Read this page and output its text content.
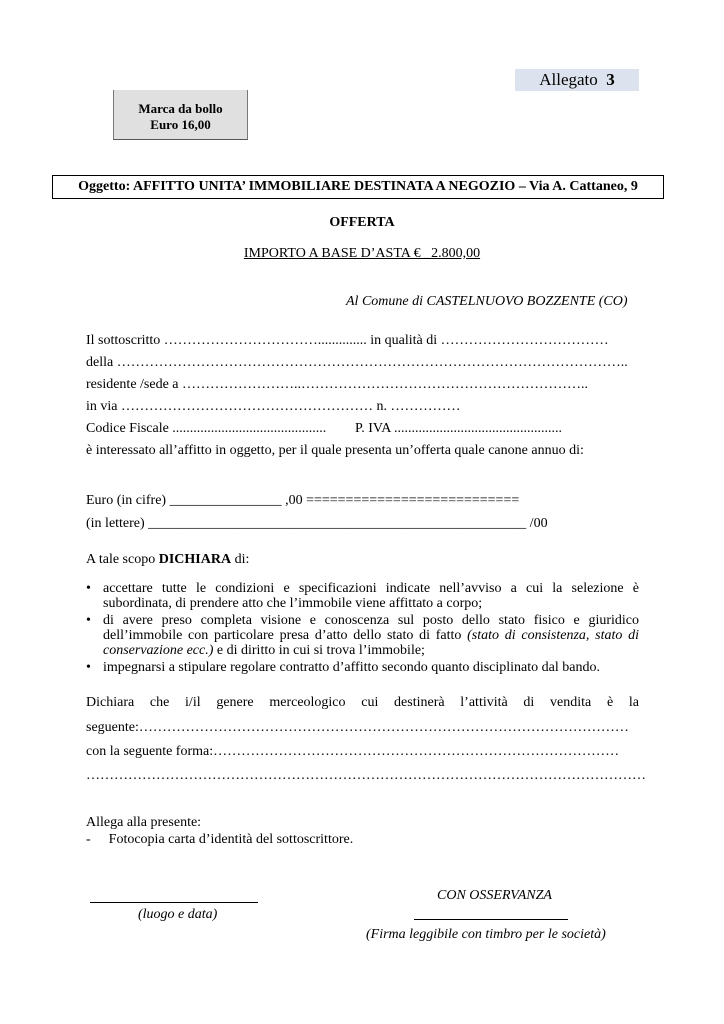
Allegato 3
Marca da bollo
Euro 16,00
Oggetto: AFFITTO UNITA’ IMMOBILIARE DESTINATA A NEGOZIO – Via A. Cattaneo, 9
OFFERTA
IMPORTO A BASE D’ASTA € _2.800,00
Al Comune di CASTELNUOVO BOZZENTE (CO)
Il sottoscritto …………………………….............. in qualità di ………………………………
della ………………………………………………………………………………………………..
residente /sede a ……………………..……………………………………………………..
in via ……………………………………………… n. ……………
Codice Fiscale ............................................ P. IVA ................................................
è interessato all’affitto in oggetto, per il quale presenta un’offerta quale canone annuo di:
Euro (in cifre) ________________ ,00 ===========================
(in lettere) ______________________________________________________ /00
A tale scopo DICHIARA di:
• accettare tutte le condizioni e specificazioni indicate nell’avviso a cui la selezione è subordinata, di prendere atto che l’immobile viene affittato a corpo;
• di avere preso completa visione e conoscenza sul posto dello stato fisico e giuridico dell’immobile con particolare presa d’atto dello stato di fatto (stato di consistenza, stato di conservazione ecc.) e di diritto in cui si trova l’immobile;
• impegnarsi a stipulare regolare contratto d’affitto secondo quanto disciplinato dal bando.
Dichiara che i/il genere merceologico cui destinerà l’attività di vendita è la
seguente:……………………………………………………………………………………………
con la seguente forma:……………………………………………………………………………
…………………………………………………………………………………………………………
Allega alla presente:
- Fotocopia carta d’identità del sottoscrittore.
(luogo e data)
CON OSSERVANZA
(Firma leggibile con timbro per le società)
